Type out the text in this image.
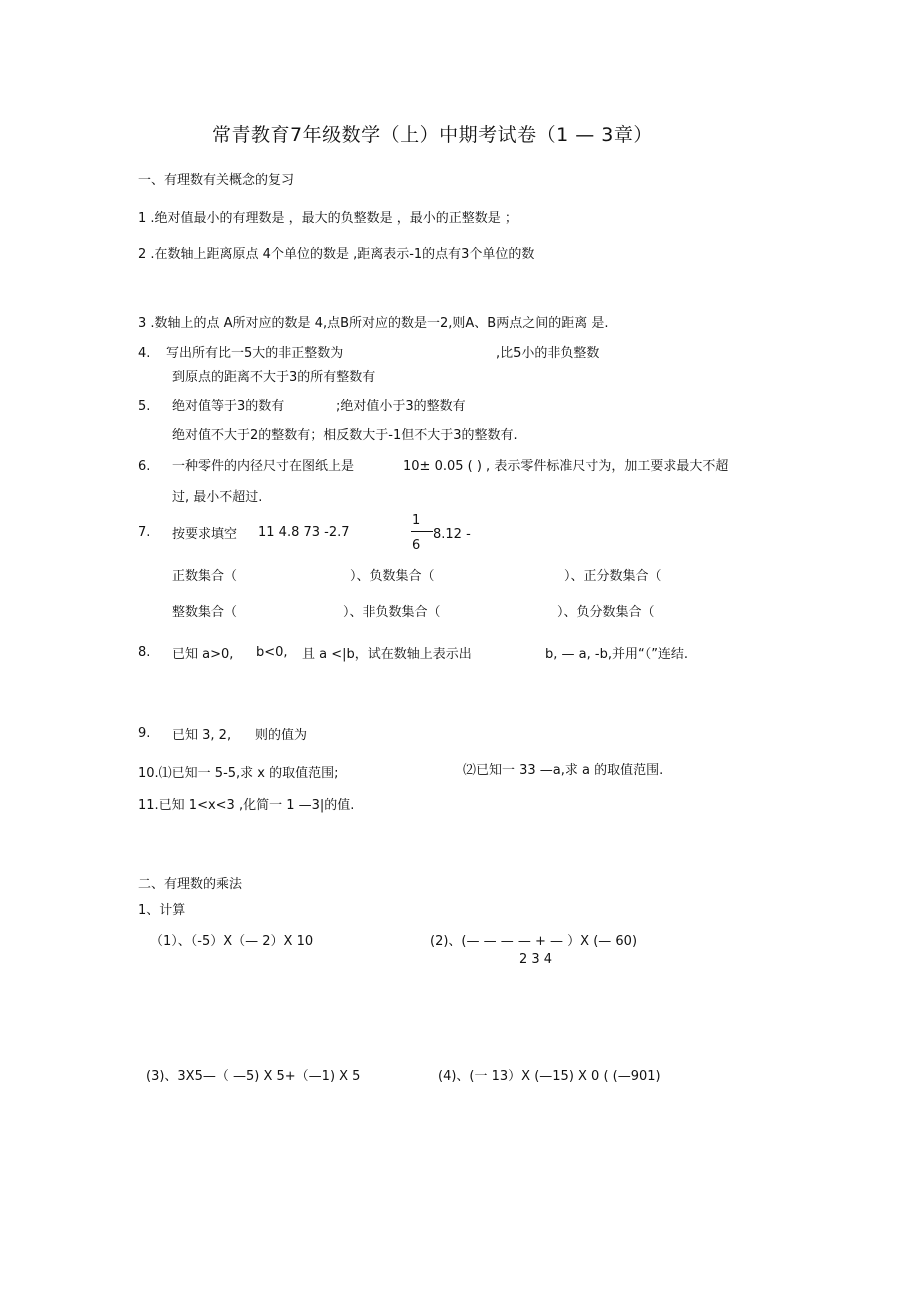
常青教育7年级数学（上）中期考试卷（1 — 3章）
一、有理数有关概念的复习
1 .绝对值最小的有理数是 ，最大的负整数是 ，最小的正整数是 ；
2 .在数轴上距离原点 4个单位的数是 ,距离表示-1的点有3个单位的数
3 .数轴上的点 A所对应的数是 4,点B所对应的数是一2,则A、B两点之间的距离 是.
4. 写出所有比一5大的非正整数为	,比5小的非负整数
到原点的距离不大于3的所有整数有
5. 绝对值等于3的数有	;绝对值小于3的整数有
绝对值不大于2的整数有；相反数大于-1但不大于3的整数有.
6. 一种零件的内径尺寸在图纸上是	10± 0.05 ( ) , 表示零件标准尺寸为，加工要求最大不超
过, 最小不超过.
7. 按要求填空 11 4.8 73 -2.7
1
6
8.12 -
正数集合（	）、负数集合（	）、正分数集合（
整数集合（	）、非负数集合（	）、负分数集合（
8. 已知 a>0, b<0, 且 a <|b，试在数轴上表示出	b, — a, -b,并用“（”连结.
9. 已知 3, 2, 则的值为
10.⑴已知一 5-5,求 x 的取值范围;	⑵已知一 33 —a,求 a 的取值范围.
11.已知 1<x<3 ,化简一 1 —3|的值.
二、有理数的乘法
1、计算
（1）、（-5）X（— 2）X 10	(2)、(— — — — + — ）X (— 60)
2 3 4
(3)、3X5—（ —5) X 5+（—1) X 5	(4)、(一 13）X (—15) X 0 ( (—901)
